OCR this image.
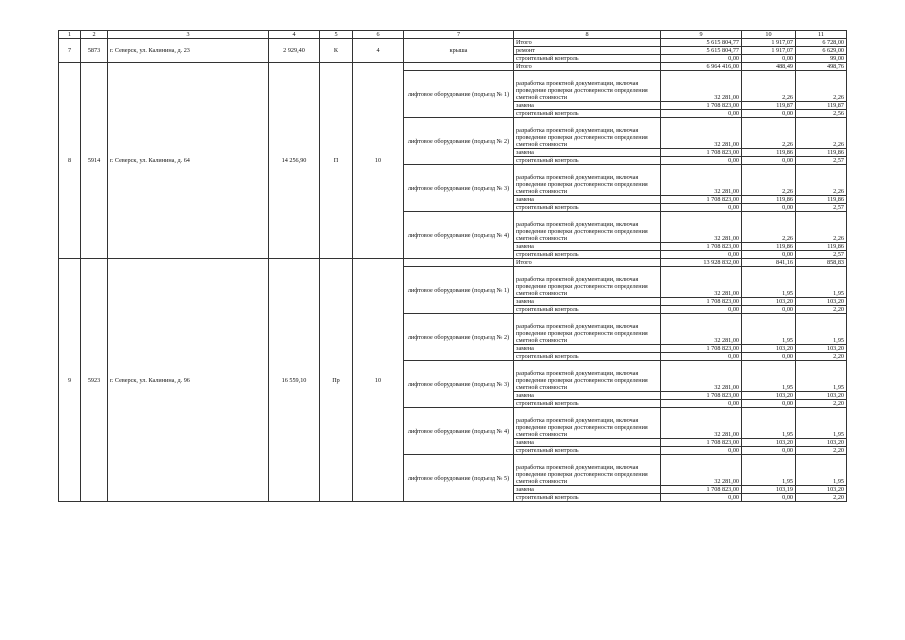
1	2	3	4	5	6	7	8	9	10	11
7	5873	г. Северск, ул. Калинина, д. 23	2 929,40	К	4	крыша	Итого	5 615 804,77	1 917,07	6 728,00
							ремонт	5 615 804,77	1 917,07	6 629,00
							строительный контроль	0,00	0,00	99,00
8	5914	г. Северск, ул. Калинина, д. 64	14 256,90	П	10		Итого	6 964 416,00	488,49	498,76
						лифтовое оборудование (подъезд № 1)	разработка проектной документации, включая проведение проверки достоверности определения сметной стоимости	32 281,00	2,26	2,26
							замена	1 708 823,00	119,87	119,87
							строительный контроль	0,00	0,00	2,56
						лифтовое оборудование (подъезд № 2)	разработка проектной документации, включая проведение проверки достоверности определения сметной стоимости	32 281,00	2,26	2,26
							замена	1 708 823,00	119,86	119,86
							строительный контроль	0,00	0,00	2,57
						лифтовое оборудование (подъезд № 3)	разработка проектной документации, включая проведение проверки достоверности определения сметной стоимости	32 281,00	2,26	2,26
							замена	1 708 823,00	119,86	119,86
							строительный контроль	0,00	0,00	2,57
						лифтовое оборудование (подъезд № 4)	разработка проектной документации, включая проведение проверки достоверности определения сметной стоимости	32 281,00	2,26	2,26
							замена	1 708 823,00	119,86	119,86
							строительный контроль	0,00	0,00	2,57
9	5923	г. Северск, ул. Калинина, д. 96	16 559,10	Пр	10		Итого	13 928 832,00	841,16	858,83
						лифтовое оборудование (подъезд № 1)	разработка проектной документации, включая проведение проверки достоверности определения сметной стоимости	32 281,00	1,95	1,95
							замена	1 708 823,00	103,20	103,20
							строительный контроль	0,00	0,00	2,20
						лифтовое оборудование (подъезд № 2)	разработка проектной документации, включая проведение проверки достоверности определения сметной стоимости	32 281,00	1,95	1,95
							замена	1 708 823,00	103,20	103,20
							строительный контроль	0,00	0,00	2,20
						лифтовое оборудование (подъезд № 3)	разработка проектной документации, включая проведение проверки достоверности определения сметной стоимости	32 281,00	1,95	1,95
							замена	1 708 823,00	103,20	103,20
							строительный контроль	0,00	0,00	2,20
						лифтовое оборудование (подъезд № 4)	разработка проектной документации, включая проведение проверки достоверности определения сметной стоимости	32 281,00	1,95	1,95
							замена	1 708 823,00	103,20	103,20
							строительный контроль	0,00	0,00	2,20
						лифтовое оборудование (подъезд № 5)	разработка проектной документации, включая проведение проверки достоверности определения сметной стоимости	32 281,00	1,95	1,95
							замена	1 708 823,00	103,19	103,20
							строительный контроль	0,00	0,00	2,20
